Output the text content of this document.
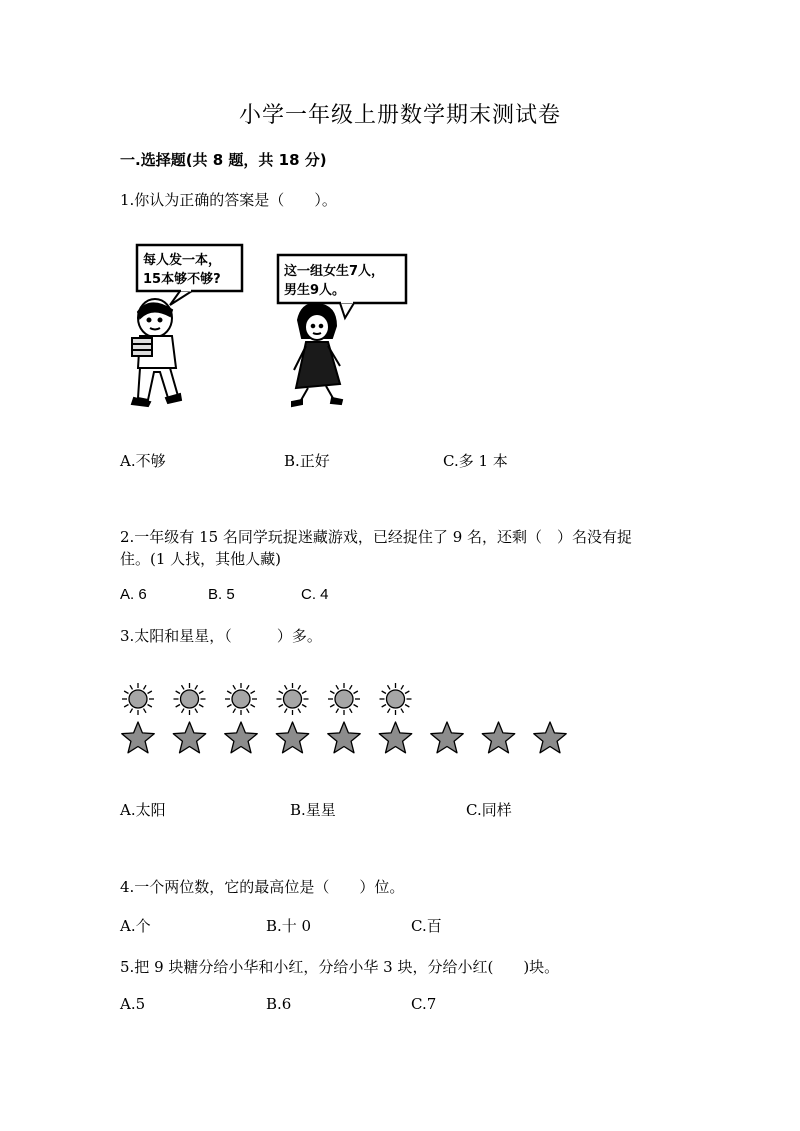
小学一年级上册数学期末测试卷
一.选择题(共 8 题，共 18 分)
1.你认为正确的答案是（　　）。
每人发一本，
15本够不够?
这一组女生7人，
男生9人。
A.不够	B.正好	C.多 1 本
2.一年级有 15 名同学玩捉迷藏游戏，已经捉住了 9 名，还剩（　）名没有捉
住。(1 人找，其他人藏)
A. 6	B. 5	C. 4
3.太阳和星星，（　　　）多。
A.太阳	B.星星	C.同样
4.一个两位数，它的最高位是（　　）位。
A.个	B.十 0	C.百
5.把 9 块糖分给小华和小红，分给小华 3 块，分给小红(　　)块。
A.5	B.6	C.7
